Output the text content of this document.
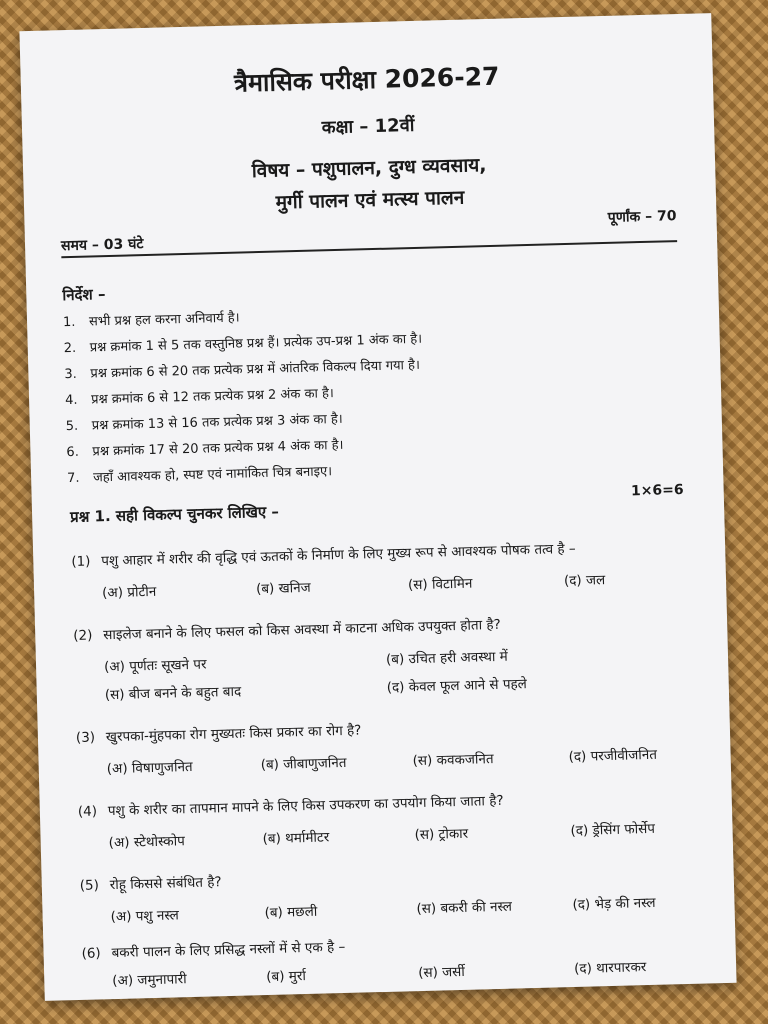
त्रैमासिक परीक्षा 2026-27
कक्षा – 12वीं
विषय – पशुपालन, दुग्ध व्यवसाय,
मुर्गी पालन एवं मत्स्य पालन
समय – 03 घंटे
पूर्णांक – 70
निर्देश –
1. सभी प्रश्न हल करना अनिवार्य है।
2. प्रश्न क्रमांक 1 से 5 तक वस्तुनिष्ठ प्रश्न हैं। प्रत्येक उप-प्रश्न 1 अंक का है।
3. प्रश्न क्रमांक 6 से 20 तक प्रत्येक प्रश्न में आंतरिक विकल्प दिया गया है।
4. प्रश्न क्रमांक 6 से 12 तक प्रत्येक प्रश्न 2 अंक का है।
5. प्रश्न क्रमांक 13 से 16 तक प्रत्येक प्रश्न 3 अंक का है।
6. प्रश्न क्रमांक 17 से 20 तक प्रत्येक प्रश्न 4 अंक का है।
7. जहाँ आवश्यक हो, स्पष्ट एवं नामांकित चित्र बनाइए।
प्रश्न 1. सही विकल्प चुनकर लिखिए –
1×6=6
(1) पशु आहार में शरीर की वृद्धि एवं ऊतकों के निर्माण के लिए मुख्य रूप से आवश्यक पोषक तत्व है –
(अ) प्रोटीन	(ब) खनिज	(स) विटामिन	(द) जल
(2) साइलेज बनाने के लिए फसल को किस अवस्था में काटना अधिक उपयुक्त होता है?
(अ) पूर्णतः सूखने पर	(ब) उचित हरी अवस्था में
(स) बीज बनने के बहुत बाद	(द) केवल फूल आने से पहले
(3) खुरपका-मुंहपका रोग मुख्यतः किस प्रकार का रोग है?
(अ) विषाणुजनित	(ब) जीबाणुजनित	(स) कवकजनित	(द) परजीवीजनित
(4) पशु के शरीर का तापमान मापने के लिए किस उपकरण का उपयोग किया जाता है?
(अ) स्टेथोस्कोप	(ब) थर्मामीटर	(स) ट्रोकार	(द) ड्रेसिंग फोर्सेप
(5) रोहू किससे संबंधित है?
(अ) पशु नस्ल	(ब) मछली	(स) बकरी की नस्ल	(द) भेड़ की नस्ल
(6) बकरी पालन के लिए प्रसिद्ध नस्लों में से एक है –
(अ) जमुनापारी	(ब) मुर्रा	(स) जर्सी	(द) थारपारकर
